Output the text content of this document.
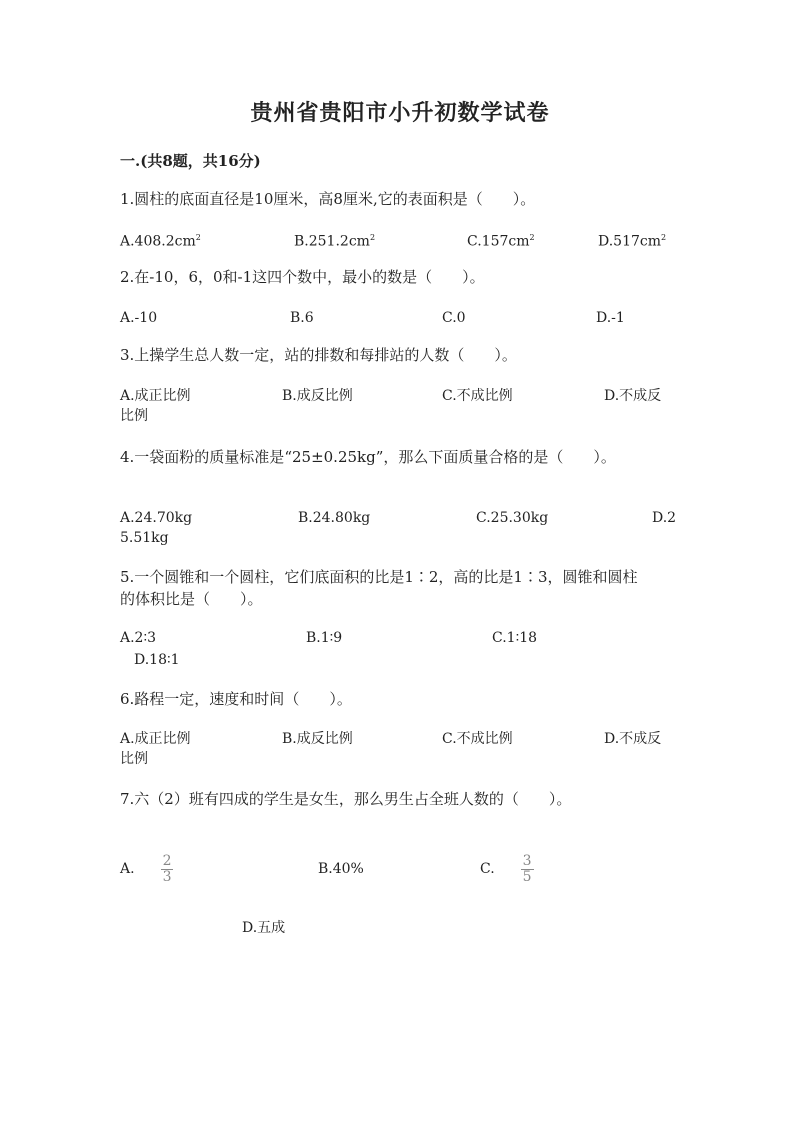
贵州省贵阳市小升初数学试卷
一.(共8题，共16分)
1.圆柱的底面直径是10厘米，高8厘米,它的表面积是（　　）。
$A.408.2cm^2$	$B.251.2cm^2$	$C.157cm^2$	$D.517cm^2$
2.在-10，6，0和-1这四个数中，最小的数是（　　）。
A.-10	B.6	C.0	D.-1
3.上操学生总人数一定，站的排数和每排站的人数（　　）。
A.成正比例	B.成反比例	C.不成比例	D.不成反
比例
4.一袋面粉的质量标准是“25±0.25kg”，那么下面质量合格的是（　　）。
A.24.70kg	B.24.80kg	C.25.30kg	D.2
5.51kg
5.一个圆锥和一个圆柱，它们底面积的比是1∶2，高的比是1∶3，圆锥和圆柱
的体积比是（　　）。
A.2∶3	B.1∶9	C.1∶18
D.18∶1
6.路程一定，速度和时间（　　）。
A.成正比例	B.成反比例	C.不成比例	D.不成反
比例
7.六（2）班有四成的学生是女生，那么男生占全班人数的（　　）。
A. $\frac{2}{3}$	B.40%	C. $\frac{3}{5}$
D.五成
